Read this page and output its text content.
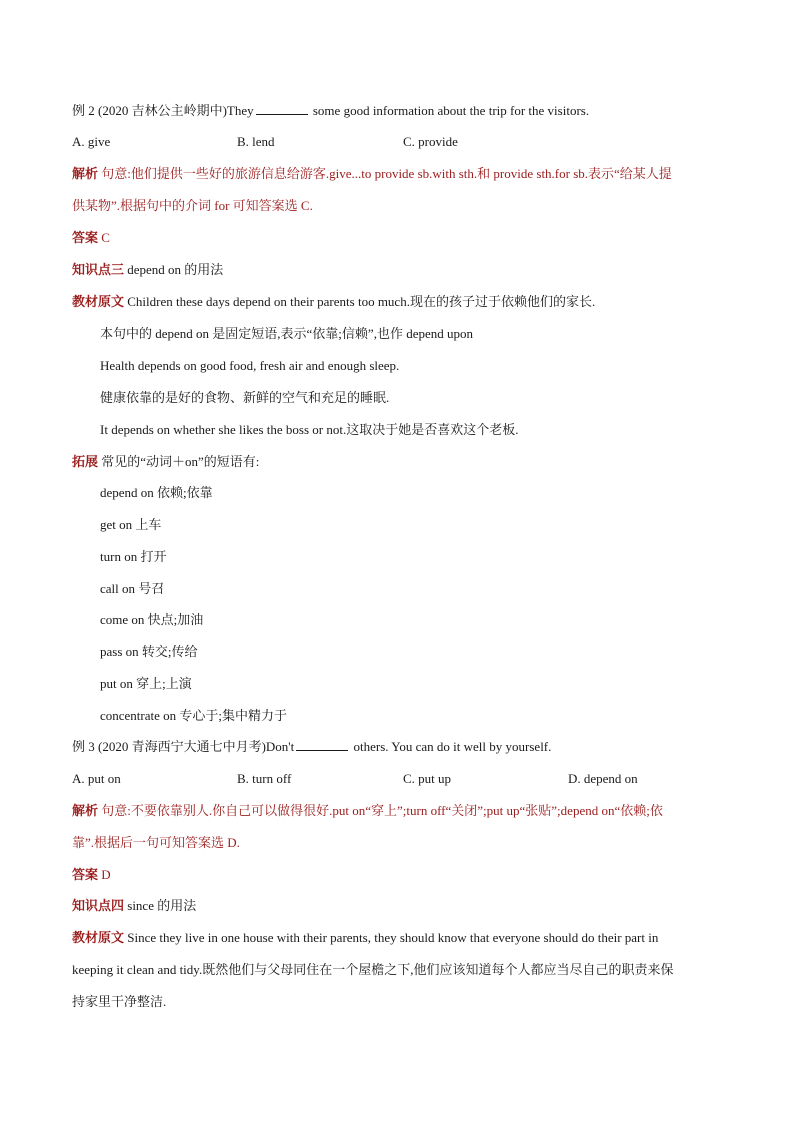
例 2 (2020 吉林公主岭期中)They	some good information about the trip for the visitors.
A. give	B. lend	C. provide
解析 句意:他们提供一些好的旅游信息给游客.give...to provide sb.with sth.和 provide sth.for sb.表示“给某人提
供某物”.根据句中的介词 for 可知答案选 C.
答案 C
知识点三 depend on 的用法
教材原文 Children these days depend on their parents too much.现在的孩子过于依赖他们的家长.
本句中的 depend on 是固定短语,表示“依靠;信赖”,也作 depend upon
Health depends on good food, fresh air and enough sleep.
健康依靠的是好的食物、新鲜的空气和充足的睡眠.
It depends on whether she likes the boss or not.这取决于她是否喜欢这个老板.
拓展 常见的“动词＋on”的短语有:
depend on 依赖;依靠
get on 上车
turn on 打开
call on 号召
come on 快点;加油
pass on 转交;传给
put on 穿上;上演
concentrate on 专心于;集中精力于
例 3 (2020 青海西宁大通七中月考)Don't	others. You can do it well by yourself.
A. put on	B. turn off	C. put up	D. depend on
解析 句意:不要依靠别人.你自己可以做得很好.put on“穿上”;turn off“关闭”;put up“张贴”;depend on“依赖;依
靠”.根据后一句可知答案选 D.
答案 D
知识点四 since 的用法
教材原文 Since they live in one house with their parents, they should know that everyone should do their part in
keeping it clean and tidy.既然他们与父母同住在一个屋檐之下,他们应该知道每个人都应当尽自己的职责来保
持家里干净整洁.
